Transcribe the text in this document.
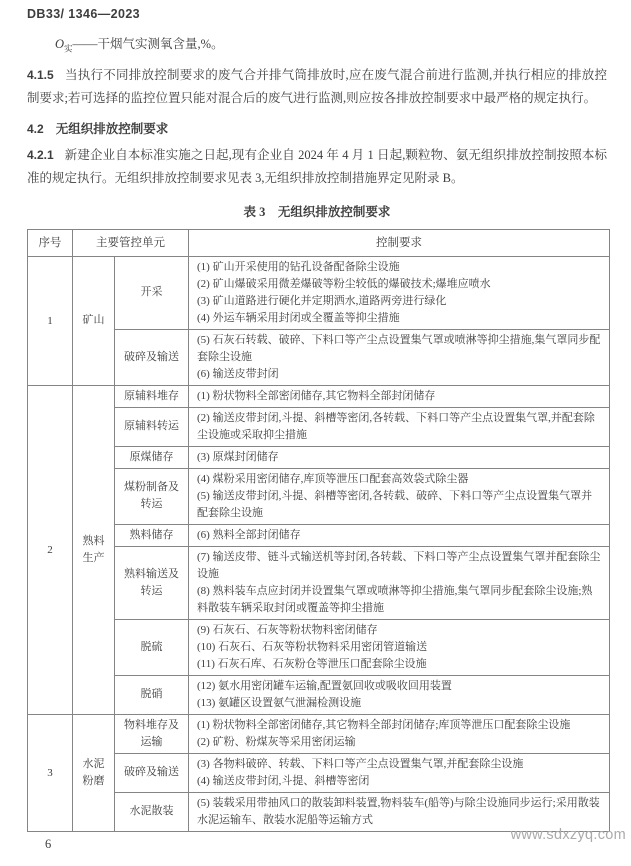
DB33/ 1346—2023
$O_实——$干烟气实测氧含量,%。

4.1.5 当执行不同排放控制要求的废气合并排气筒排放时,应在废气混合前进行监测,并执行相应的排放控制要求;若可选择的监控位置只能对混合后的废气进行监测,则应按各排放控制要求中最严格的规定执行。

4.2 无组织排放控制要求

4.2.1 新建企业自本标准实施之日起,现有企业自 2024 年 4 月 1 日起,颗粒物、氨无组织排放控制按照本标准的规定执行。无组织排放控制要求见表 3,无组织排放控制措施界定见附录 B。

表 3　无组织排放控制要求
序号	主要管控单元		控制要求
1	矿山	开采	(1) 矿山开采使用的钻孔设备配备除尘设施
(2) 矿山爆破采用微差爆破等粉尘较低的爆破技术;爆堆应喷水
(3) 矿山道路进行硬化并定期洒水,道路两旁进行绿化
(4) 外运车辆采用封闭或全覆盖等抑尘措施

		破碎及输送	(5) 石灰石转载、破碎、下料口等产尘点设置集气罩或喷淋等抑尘措施,集气罩同步配套除尘设施
(6) 输送皮带封闭

2	熟料生产	原辅料堆存	(1) 粉状物料全部密闭储存,其它物料全部封闭储存

		原辅料转运	(2) 输送皮带封闭,斗提、斜槽等密闭,各转载、下料口等产尘点设置集气罩,并配套除尘设施或采取抑尘措施

		原煤储存	(3) 原煤封闭储存

		煤粉制备及转运	(4) 煤粉采用密闭储存,库顶等泄压口配套高效袋式除尘器
(5) 输送皮带封闭,斗提、斜槽等密闭,各转载、破碎、下料口等产尘点设置集气罩并配套除尘设施

		熟料储存	(6) 熟料全部封闭储存

		熟料输送及转运	(7) 输送皮带、链斗式输送机等封闭,各转载、下料口等产尘点设置集气罩并配套除尘设施
(8) 熟料装车点应封闭并设置集气罩或喷淋等抑尘措施,集气罩同步配套除尘设施;熟料散装车辆采取封闭或覆盖等抑尘措施

		脱硫	(9) 石灰石、石灰等粉状物料密闭储存
(10) 石灰石、石灰等粉状物料采用密闭管道输送
(11) 石灰石库、石灰粉仓等泄压口配套除尘设施

		脱硝	(12) 氨水用密闭罐车运输,配置氨回收或吸收回用装置
(13) 氨罐区设置氨气泄漏检测设施

3	水泥粉磨	物料堆存及运输	(1) 粉状物料全部密闭储存,其它物料全部封闭储存;库顶等泄压口配套除尘设施
(2) 矿粉、粉煤灰等采用密闭运输

		破碎及输送	(3) 各物料破碎、转载、下料口等产尘点设置集气罩,并配套除尘设施
(4) 输送皮带封闭,斗提、斜槽等密闭

		水泥散装	(5) 装载采用带抽风口的散装卸料装置,物料装车(船等)与除尘设施同步运行;采用散装水泥运输车、散装水泥船等运输方式
www.sdxzyq.com
6
